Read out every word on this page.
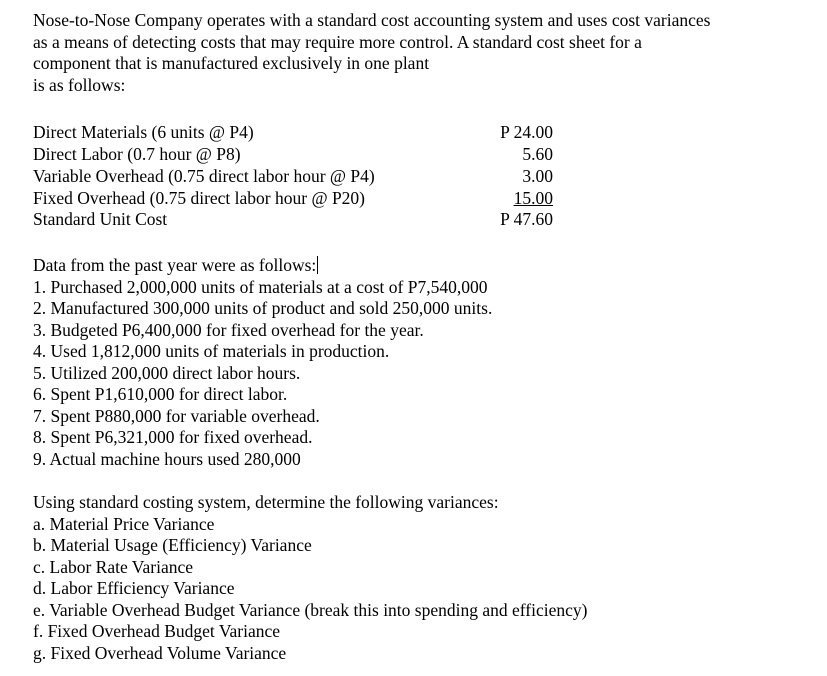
Nose-to-Nose Company operates with a standard cost accounting system and uses cost variances
as a means of detecting costs that may require more control. A standard cost sheet for a
component that is manufactured exclusively in one plant
is as follows:
Direct Materials (6 units @ P4)	P 24.00
Direct Labor (0.7 hour @ P8)	5.60
Variable Overhead (0.75 direct labor hour @ P4)	3.00
Fixed Overhead (0.75 direct labor hour @ P20)	15.00
Standard Unit Cost	P 47.60
Data from the past year were as follows:
1. Purchased 2,000,000 units of materials at a cost of P7,540,000
2. Manufactured 300,000 units of product and sold 250,000 units.
3. Budgeted P6,400,000 for fixed overhead for the year.
4. Used 1,812,000 units of materials in production.
5. Utilized 200,000 direct labor hours.
6. Spent P1,610,000 for direct labor.
7. Spent P880,000 for variable overhead.
8. Spent P6,321,000 for fixed overhead.
9. Actual machine hours used 280,000
Using standard costing system, determine the following variances:
a. Material Price Variance
b. Material Usage (Efficiency) Variance
c. Labor Rate Variance
d. Labor Efficiency Variance
e. Variable Overhead Budget Variance (break this into spending and efficiency)
f. Fixed Overhead Budget Variance
g. Fixed Overhead Volume Variance
